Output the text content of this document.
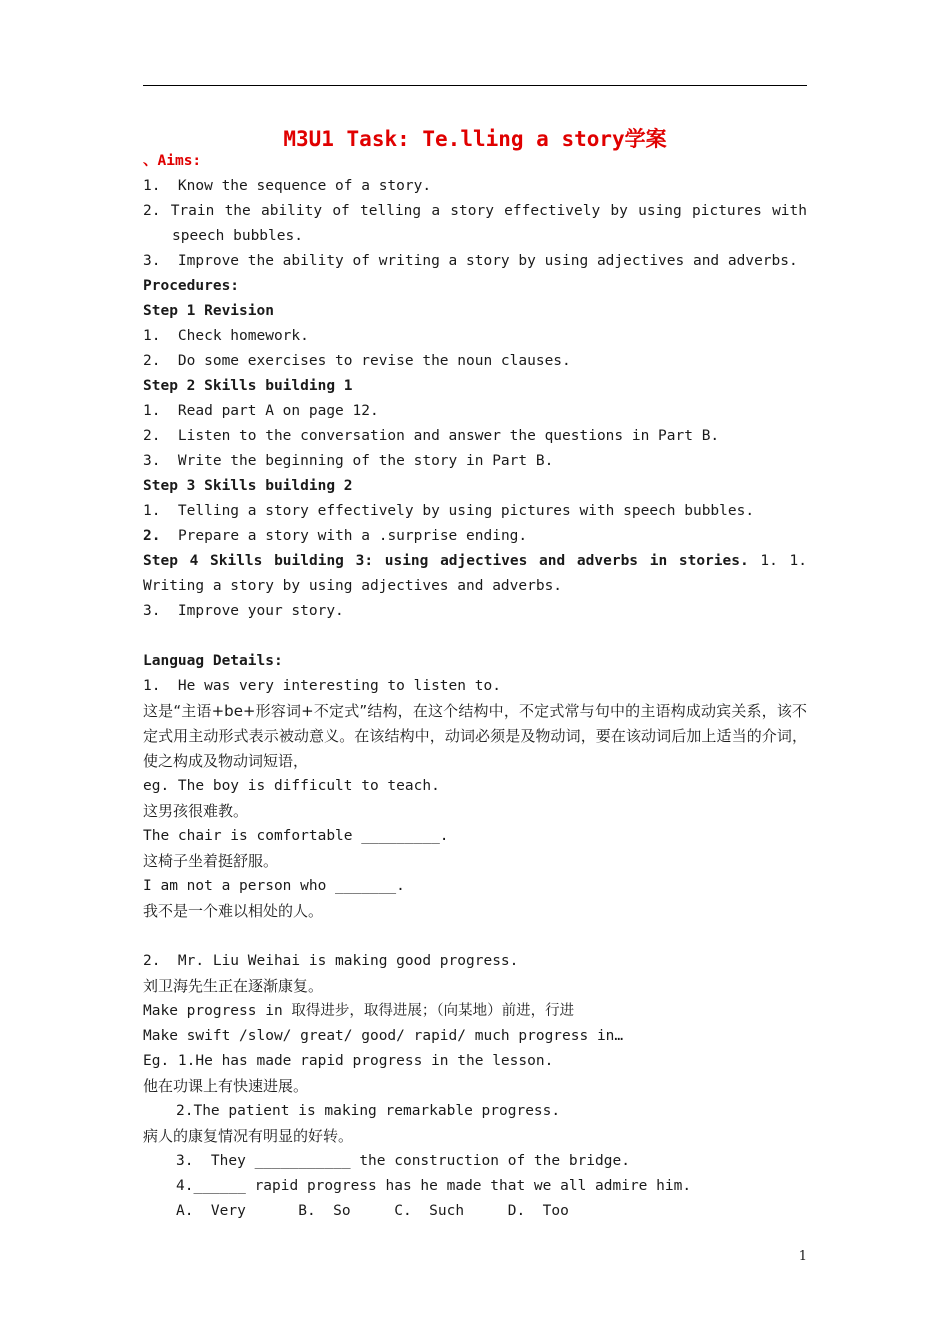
M3U1 Task: Te.lling a story学案
、Aims:
1.  Know the sequence of a story.
2. Train the ability of telling a story effectively by using pictures with
speech bubbles.
3.  Improve the ability of writing a story by using adjectives and adverbs.
Procedures:
Step 1 Revision
1.  Check homework.
2.  Do some exercises to revise the noun clauses.
Step 2 Skills building 1
1.  Read part A on page 12.
2.  Listen to the conversation and answer the questions in Part B.
3.  Write the beginning of the story in Part B.
Step 3 Skills building 2
1.  Telling a story effectively by using pictures with speech bubbles.
2. Prepare a story with a .surprise ending.
Step 4 Skills building 3: using adjectives and adverbs in stories. 1. 1.
Writing a story by using adjectives and adverbs.
3.  Improve your story.
Languag Details:
1.  He was very interesting to listen to.
这是“主语+be+形容词+不定式”结构，在这个结构中，不定式常与句中的主语构成动宾关系，该不定式用主动形式表示被动意义。在该结构中，动词必须是及物动词，要在该动词后加上适当的介词，使之构成及物动词短语，
eg. The boy is difficult to teach.
这男孩很难教。
The chair is comfortable _________.
这椅子坐着挺舒服。
I am not a person who _______.
我不是一个难以相处的人。
2.  Mr. Liu Weihai is making good progress.
刘卫海先生正在逐渐康复。
Make progress in 取得进步，取得进展；（向某地）前进，行进
Make swift /slow/ great/ good/ rapid/ much progress in…
Eg. 1.He has made rapid progress in the lesson.
他在功课上有快速进展。
2.The patient is making remarkable progress.
病人的康复情况有明显的好转。
3.  They ___________ the construction of the bridge.
4.______ rapid progress has he made that we all admire him.
A.  Very      B.  So     C.  Such     D.  Too
1
